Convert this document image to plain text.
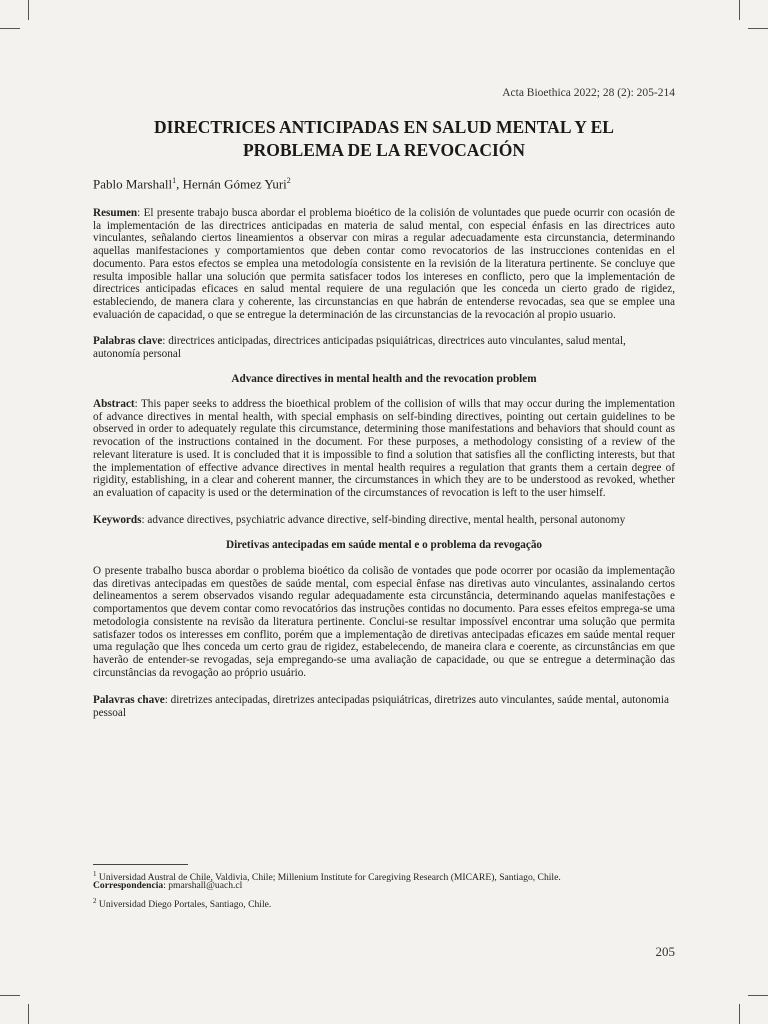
Acta Bioethica 2022; 28 (2): 205-214
DIRECTRICES ANTICIPADAS EN SALUD MENTAL Y EL
PROBLEMA DE LA REVOCACIÓN
Pablo Marshall$^1$, Hernán Gómez Yuri$^2$
Resumen: El presente trabajo busca abordar el problema bioético de la colisión de voluntades que puede ocurrir con ocasión de la implementación de las directrices anticipadas en materia de salud mental, con especial énfasis en las directrices auto vinculantes, señalando ciertos lineamientos a observar con miras a regular adecuadamente esta circunstancia, determinando aquellas manifestaciones y comportamientos que deben contar como revocatorios de las instrucciones contenidas en el documento. Para estos efectos se emplea una metodología consistente en la revisión de la literatura pertinente. Se concluye que resulta imposible hallar una solución que permita satisfacer todos los intereses en conflicto, pero que la implementación de directrices anticipadas eficaces en salud mental requiere de una regulación que les conceda un cierto grado de rigidez, estableciendo, de manera clara y coherente, las circunstancias en que habrán de entenderse revocadas, sea que se emplee una evaluación de capacidad, o que se entregue la determinación de las circunstancias de la revocación al propio usuario.
Palabras clave: directrices anticipadas, directrices anticipadas psiquiátricas, directrices auto vinculantes, salud mental, autonomía personal
Advance directives in mental health and the revocation problem
Abstract: This paper seeks to address the bioethical problem of the collision of wills that may occur during the implementation of advance directives in mental health, with special emphasis on self-binding directives, pointing out certain guidelines to be observed in order to adequately regulate this circumstance, determining those manifestations and behaviors that should count as revocation of the instructions contained in the document. For these purposes, a methodology consisting of a review of the relevant literature is used. It is concluded that it is impossible to find a solution that satisfies all the conflicting interests, but that the implementation of effective advance directives in mental health requires a regulation that grants them a certain degree of rigidity, establishing, in a clear and coherent manner, the circumstances in which they are to be understood as revoked, whether an evaluation of capacity is used or the determination of the circumstances of revocation is left to the user himself.
Keywords: advance directives, psychiatric advance directive, self-binding directive, mental health, personal autonomy
Diretivas antecipadas em saúde mental e o problema da revogação
O presente trabalho busca abordar o problema bioético da colisão de vontades que pode ocorrer por ocasião da implementação das diretivas antecipadas em questões de saúde mental, com especial ênfase nas diretivas auto vinculantes, assinalando certos delineamentos a serem observados visando regular adequadamente esta circunstância, determinando aquelas manifestações e comportamentos que devem contar como revocatórios das instruções contidas no documento. Para esses efeitos emprega-se uma metodologia consistente na revisão da literatura pertinente. Conclui-se resultar impossível encontrar uma solução que permita satisfazer todos os interesses em conflito, porém que a implementação de diretivas antecipadas eficazes em saúde mental requer uma regulação que lhes conceda um certo grau de rigidez, estabelecendo, de maneira clara e coerente, as circunstâncias em que haverão de entender-se revogadas, seja empregando-se uma avaliação de capacidade, ou que se entregue a determinação das circunstâncias da revogação ao próprio usuário.
Palavras chave: diretrizes antecipadas, diretrizes antecipadas psiquiátricas, diretrizes auto vinculantes, saúde mental, autonomia pessoal
$^1$ Universidad Austral de Chile, Valdivia, Chile; Millenium Institute for Caregiving Research (MICARE), Santiago, Chile.
Correspondencia: pmarshall@uach.cl
$^2$ Universidad Diego Portales, Santiago, Chile.
205
